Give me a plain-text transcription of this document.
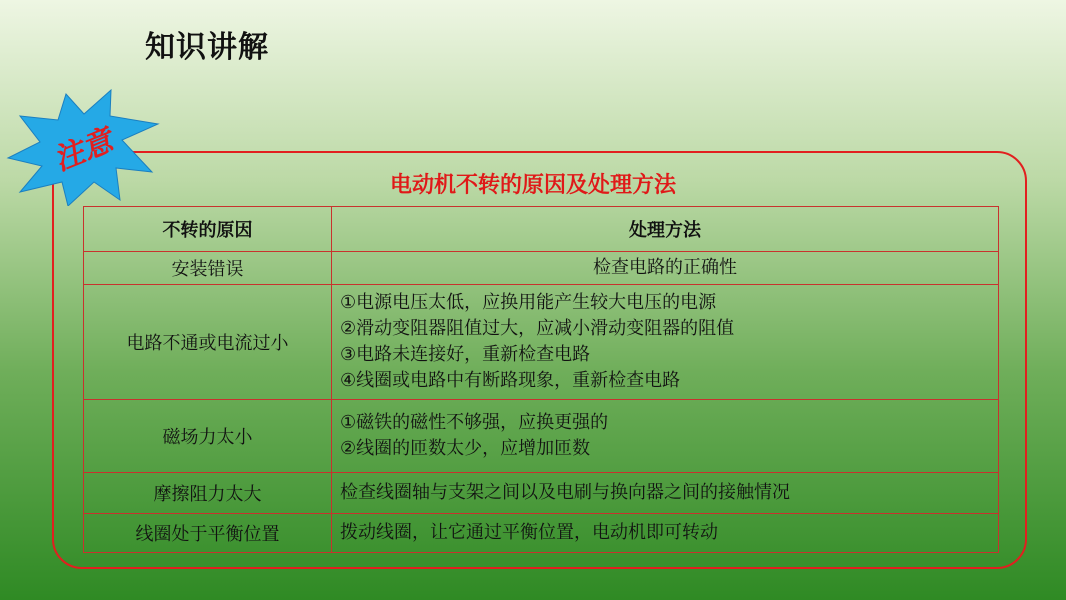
知识讲解
注意
电动机不转的原因及处理方法
不转的原因	处理方法
安装错误	检查电路的正确性

电路不通或电流过小	①电源电压太低，应换用能产生较大电压的电源
②滑动变阻器阻值过大，应减小滑动变阻器的阻值
③电路未连接好，重新检查电路
④线圈或电路中有断路现象，重新检查电路

磁场力太小	①磁铁的磁性不够强，应换更强的
②线圈的匝数太少，应增加匝数

摩擦阻力太大	检查线圈轴与支架之间以及电刷与换向器之间的接触情况

线圈处于平衡位置	拨动线圈，让它通过平衡位置，电动机即可转动
